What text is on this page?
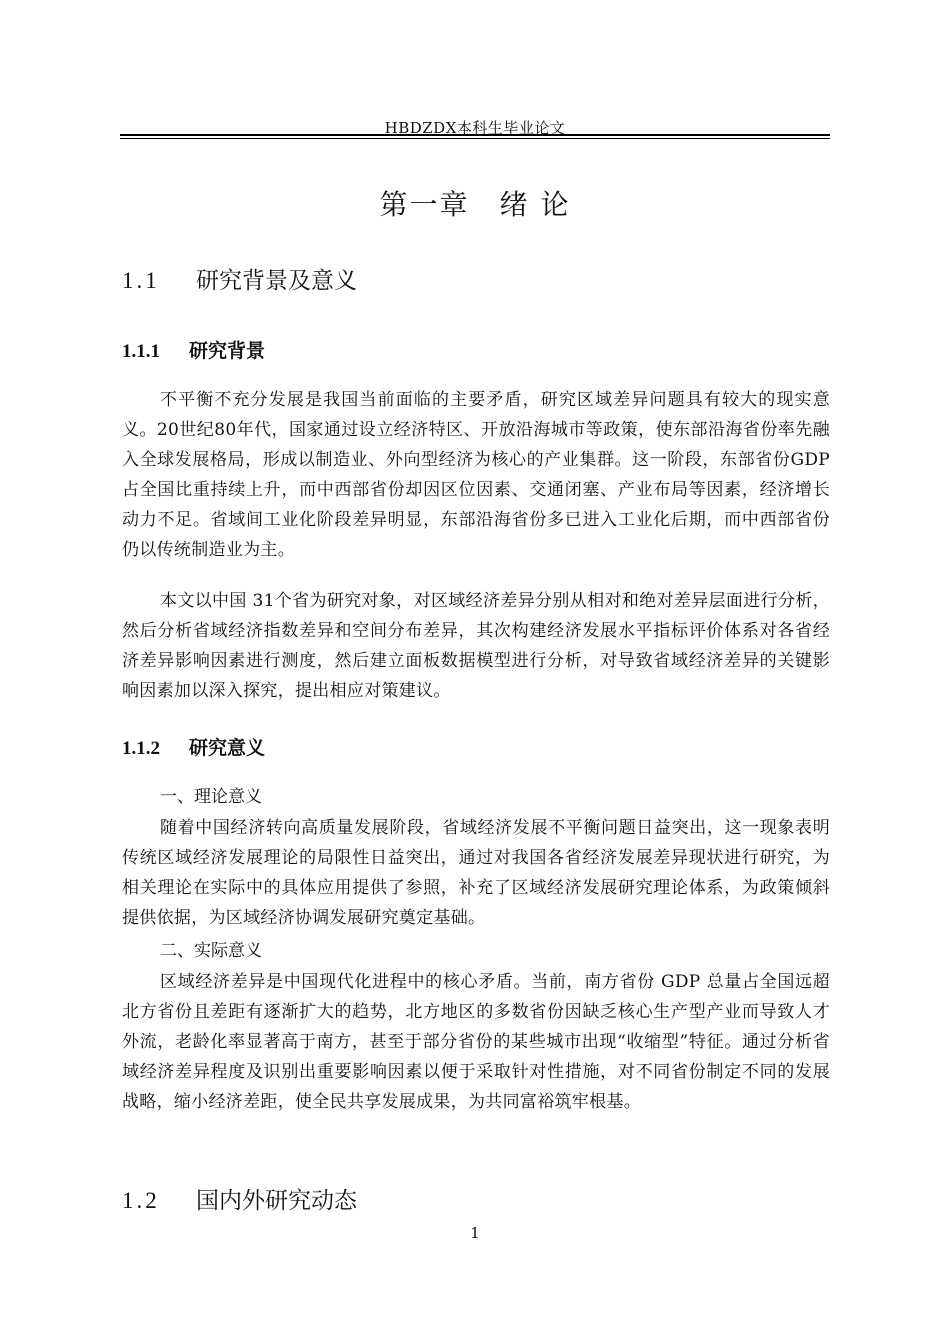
HBDZDX本科生毕业论文
第一章　绪 论
1.1 研究背景及意义
1.1.1 研究背景

不平衡不充分发展是我国当前面临的主要矛盾，研究区域差异问题具有较大的现实意义。20世纪80年代，国家通过设立经济特区、开放沿海城市等政策，使东部沿海省份率先融入全球发展格局，形成以制造业、外向型经济为核心的产业集群。这一阶段，东部省份GDP占全国比重持续上升，而中西部省份却因区位因素、交通闭塞、产业布局等因素，经济增长动力不足。省域间工业化阶段差异明显，东部沿海省份多已进入工业化后期，而中西部省份仍以传统制造业为主。

本文以中国 31个省为研究对象，对区域经济差异分别从相对和绝对差异层面进行分析，然后分析省域经济指数差异和空间分布差异，其次构建经济发展水平指标评价体系对各省经济差异影响因素进行测度，然后建立面板数据模型进行分析，对导致省域经济差异的关键影响因素加以深入探究，提出相应对策建议。

1.1.2 研究意义
一、理论意义

随着中国经济转向高质量发展阶段，省域经济发展不平衡问题日益突出，这一现象表明传统区域经济发展理论的局限性日益突出，通过对我国各省经济发展差异现状进行研究，为相关理论在实际中的具体应用提供了参照，补充了区域经济发展研究理论体系，为政策倾斜提供依据，为区域经济协调发展研究奠定基础。

二、实际意义

区域经济差异是中国现代化进程中的核心矛盾。当前，南方省份 GDP 总量占全国远超北方省份且差距有逐渐扩大的趋势，北方地区的多数省份因缺乏核心生产型产业而导致人才外流，老龄化率显著高于南方，甚至于部分省份的某些城市出现“收缩型”特征。通过分析省域经济差异程度及识别出重要影响因素以便于采取针对性措施，对不同省份制定不同的发展战略，缩小经济差距，使全民共享发展成果，为共同富裕筑牢根基。

1.2 国内外研究动态
1
